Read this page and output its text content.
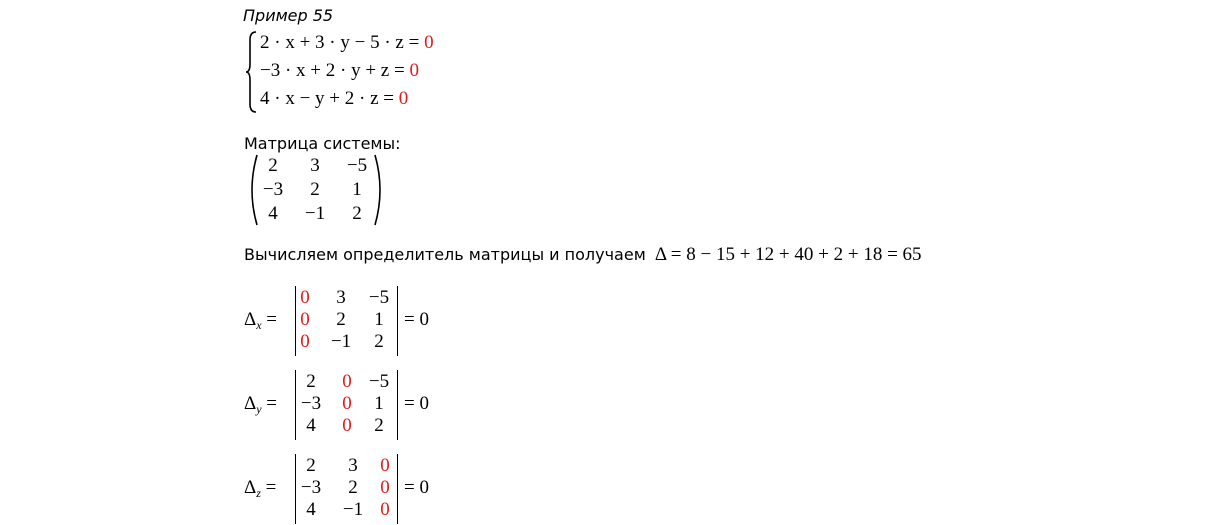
Пример 55
2 · x + 3 · y − 5 · z = 0
−3 · x + 2 · y + z = 0
4 · x − y + 2 · z = 0
Матрица системы:
2	3	−5
−3	2	1
4	−1	2
Вычисляем определитель матрицы и получаем Δ = 8 − 15 + 12 + 40 + 2 + 18 = 65
$\Delta_x$ =
0	3	−5
0	2	1
0	−1	2
= 0
$\Delta_y$ =
2	0 −5
−3	0	1
4	0	2
= 0
$\Delta_z$ =
2	3	0
−3	2	0
4	−1 0
= 0
